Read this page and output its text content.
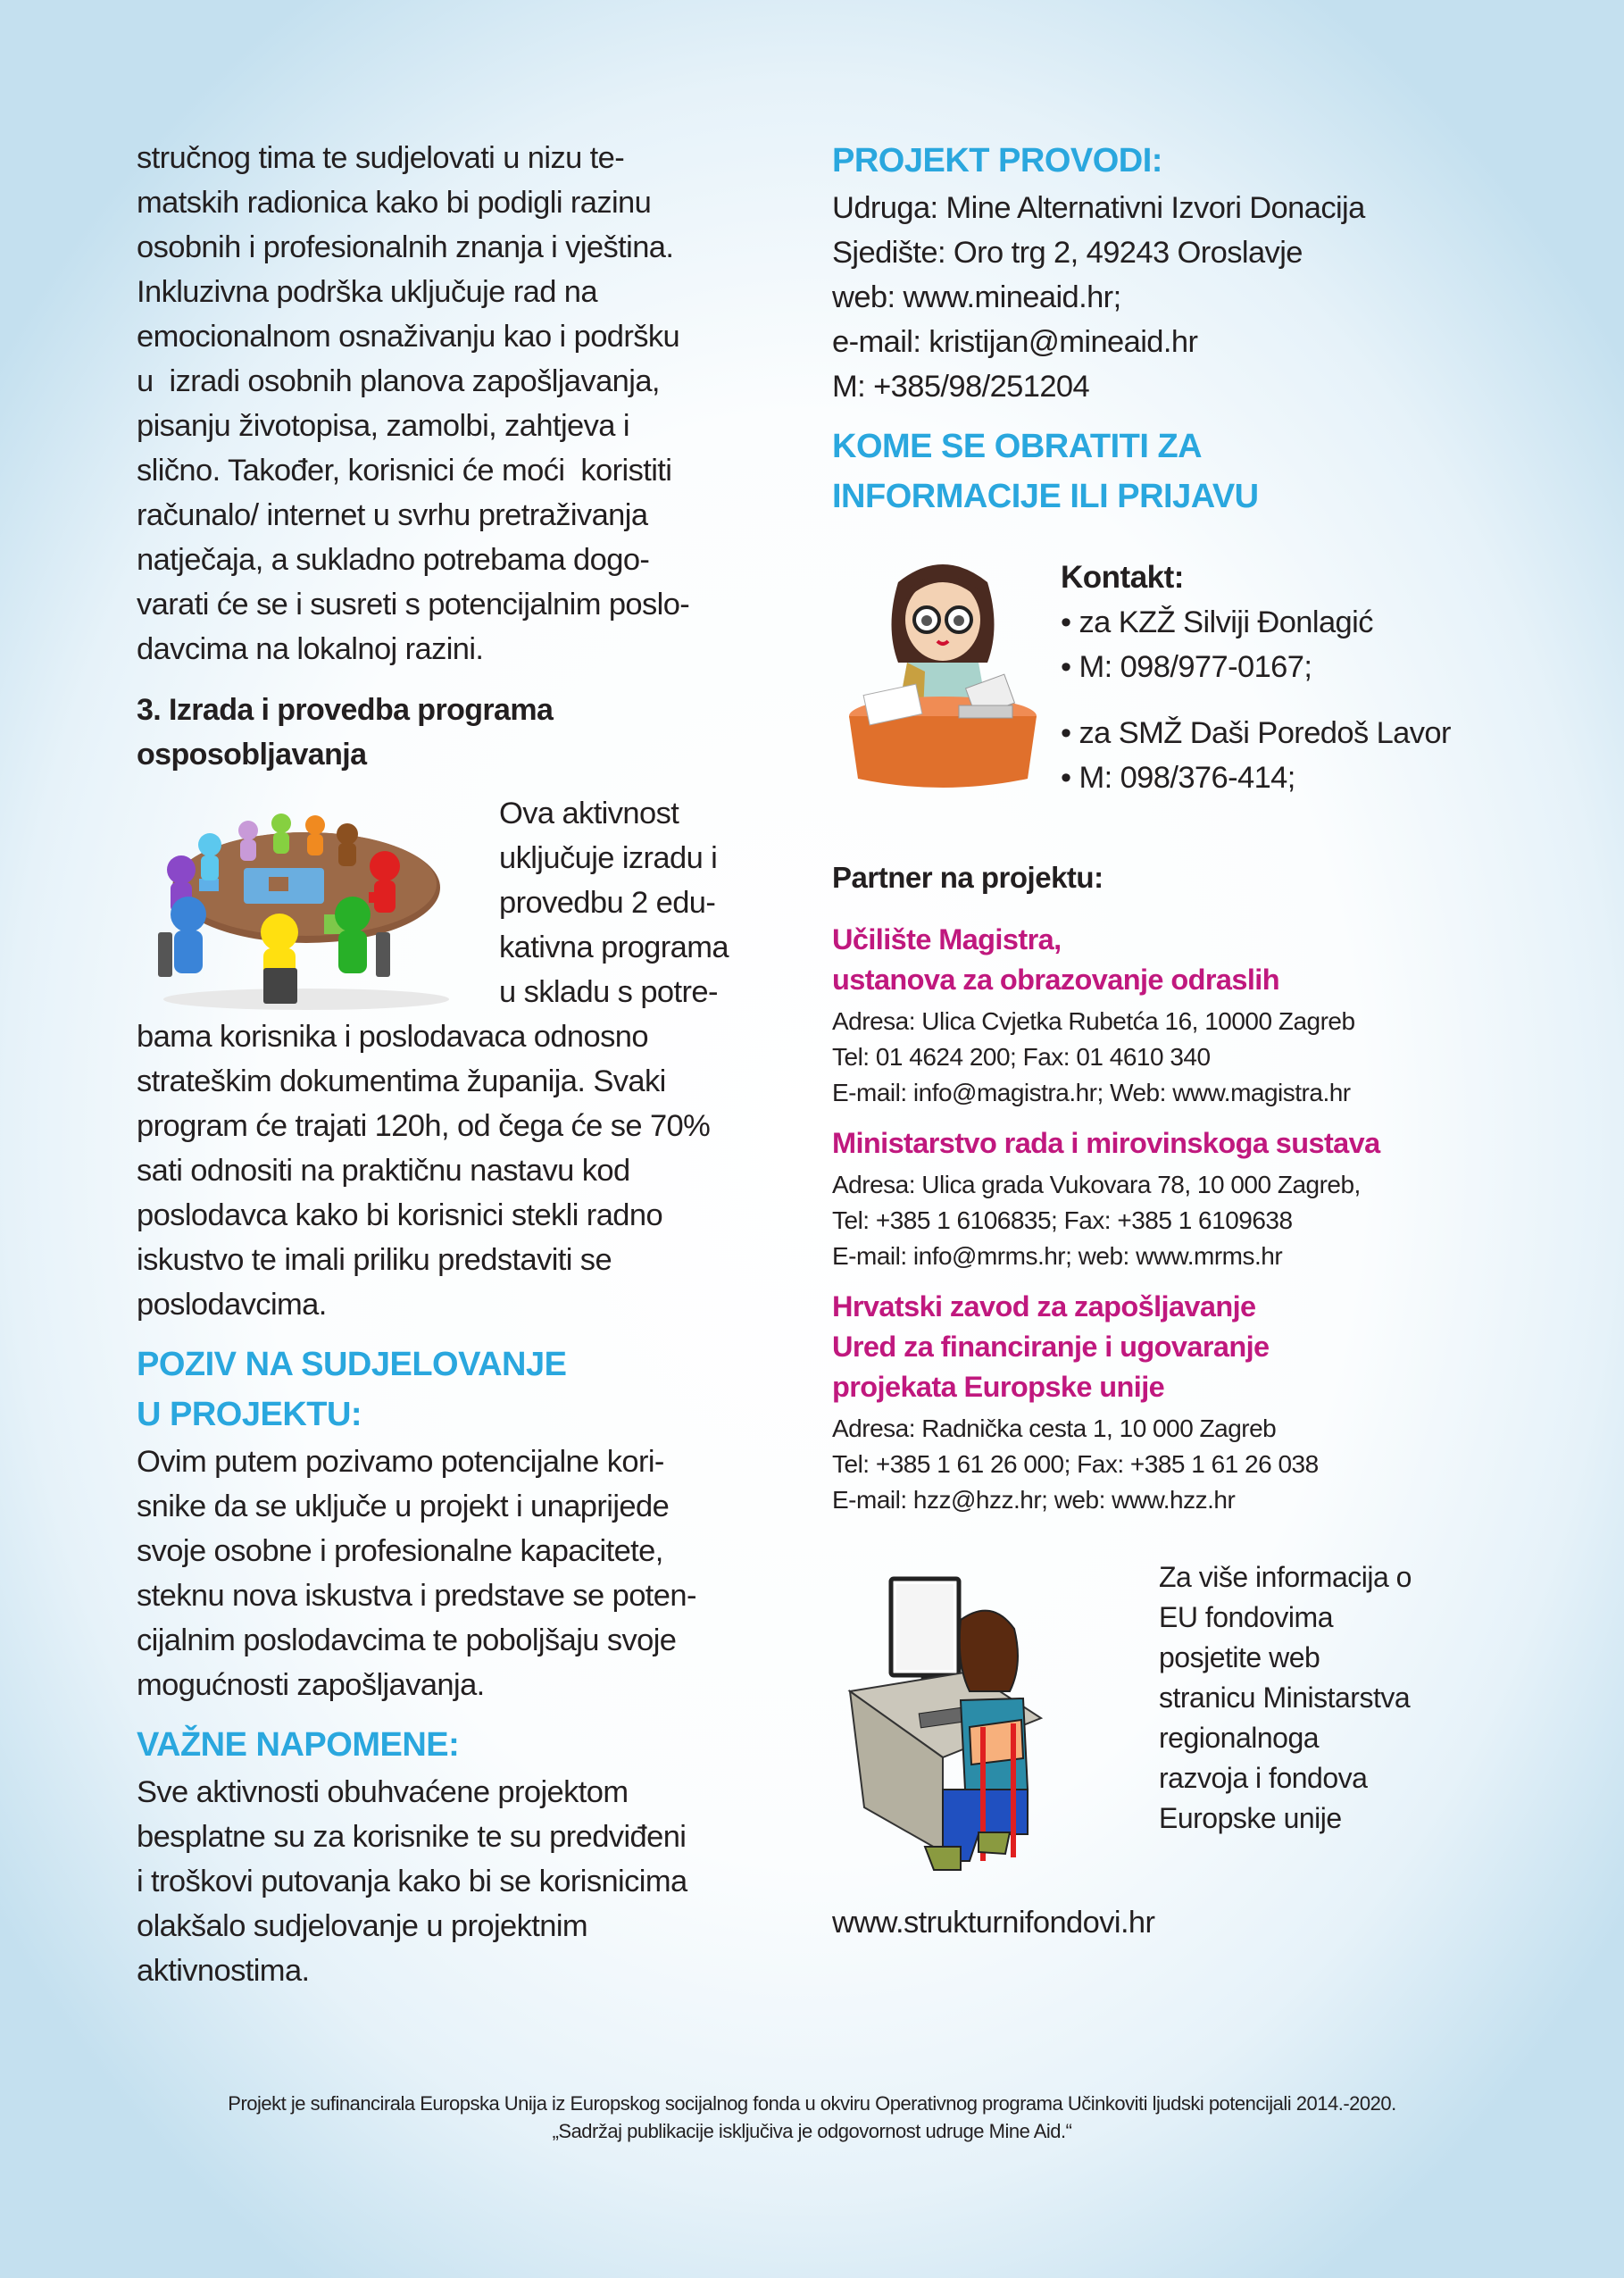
stručnog tima te sudjelovati u nizu te-

matskih radionica kako bi podigli razinu

osobnih i profesionalnih znanja i vještina.

Inkluzivna podrška uključuje rad na

emocionalnom osnaživanju kao i podršku

u  izradi osobnih planova zapošljavanja,

pisanju životopisa, zamolbi, zahtjeva i

slično. Također, korisnici će moći  koristiti

računalo/ internet u svrhu pretraživanja

natječaja, a sukladno potrebama dogo-

varati će se i susreti s potencijalnim poslo-

davcima na lokalnoj razini.

3. Izrada i provedba programa

osposobljavanja

Ova aktivnost

uključuje izradu i

provedbu 2 edu-

kativna programa

u skladu s potre-

bama korisnika i poslodavaca odnosno

strateškim dokumentima županija. Svaki

program će trajati 120h, od čega će se 70%

sati odnositi na praktičnu nastavu kod

poslodavca kako bi korisnici stekli radno

iskustvo te imali priliku predstaviti se

poslodavcima.

POZIV NA SUDJELOVANJE

U PROJEKTU:

Ovim putem pozivamo potencijalne kori-

snike da se uključe u projekt i unaprijede

svoje osobne i profesionalne kapacitete,

steknu nova iskustva i predstave se poten-

cijalnim poslodavcima te poboljšaju svoje

mogućnosti zapošljavanja.

VAŽNE NAPOMENE:

Sve aktivnosti obuhvaćene projektom

besplatne su za korisnike te su predviđeni

i troškovi putovanja kako bi se korisnicima

olakšalo sudjelovanje u projektnim

aktivnostima.

PROJEKT PROVODI:

Udruga: Mine Alternativni Izvori Donacija

Sjedište: Oro trg 2, 49243 Oroslavje

web: www.mineaid.hr;

e-mail: kristijan@mineaid.hr

M: +385/98/251204

KOME SE OBRATITI ZA

INFORMACIJE ILI PRIJAVU

Kontakt:

• za KZŽ Silviji Đonlagić

• M: 098/977-0167;

• za SMŽ Daši Poredoš Lavor

• M: 098/376-414;

Partner na projektu:

Učilište Magistra,

ustanova za obrazovanje odraslih

Adresa: Ulica Cvjetka Rubetća 16, 10000 Zagreb

Tel: 01 4624 200; Fax: 01 4610 340

E-mail: info@magistra.hr; Web: www.magistra.hr

Ministarstvo rada i mirovinskoga sustava

Adresa: Ulica grada Vukovara 78, 10 000 Zagreb,

Tel: +385 1 6106835; Fax: +385 1 6109638

E-mail: info@mrms.hr; web: www.mrms.hr

Hrvatski zavod za zapošljavanje

Ured za financiranje i ugovaranje

projekata Europske unije

Adresa: Radnička cesta 1, 10 000 Zagreb

Tel: +385 1 61 26 000; Fax: +385 1 61 26 038

E-mail: hzz@hzz.hr; web: www.hzz.hr

Za više informacija o

EU fondovima

posjetite web

stranicu Ministarstva

regionalnoga

razvoja i fondova

Europske unije

www.strukturnifondovi.hr

Projekt je sufinancirala Europska Unija iz Europskog socijalnog fonda u okviru Operativnog programa Učinkoviti ljudski potencijali 2014.-2020.
„Sadržaj publikacije isključiva je odgovornost udruge Mine Aid.“
